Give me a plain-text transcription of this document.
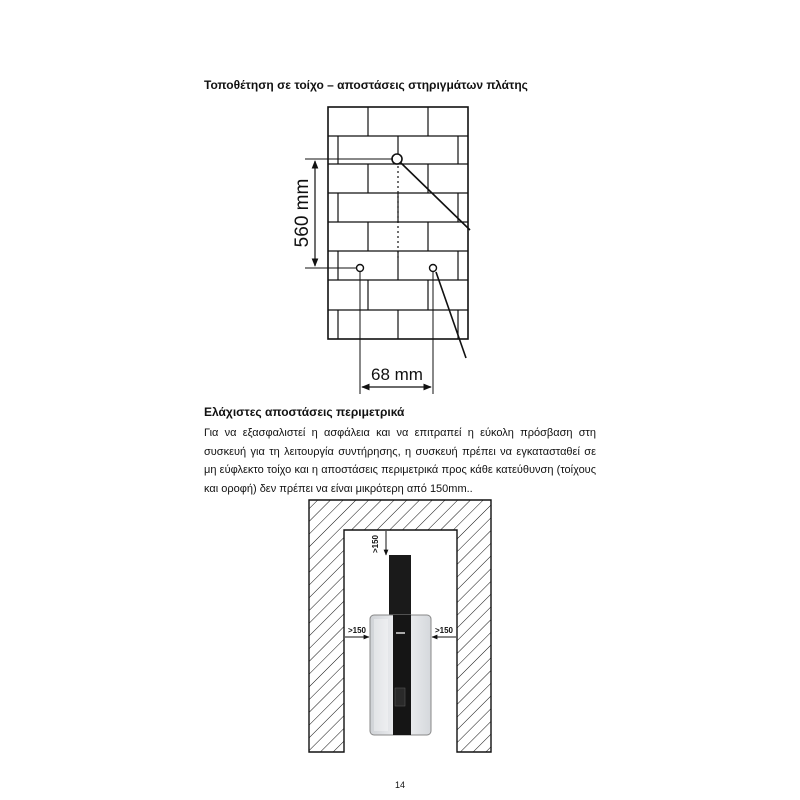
Τοποθέτηση σε τοίχο – αποστάσεις στηριγμάτων πλάτης
560 mm
68 mm
Ελάχιστες αποστάσεις περιμετρικά

Για να εξασφαλιστεί η ασφάλεια και να επιτραπεί η εύκολη πρόσβαση στη συσκευή για τη λειτουργία συντήρησης, η συσκευή πρέπει να εγκατασταθεί σε μη εύφλεκτο τοίχο και η αποστάσεις περιμετρικά προς κάθε κατεύθυνση (τοίχους και οροφή) δεν πρέπει να είναι μικρότερη από 150mm..

>150
>150	>150
14
